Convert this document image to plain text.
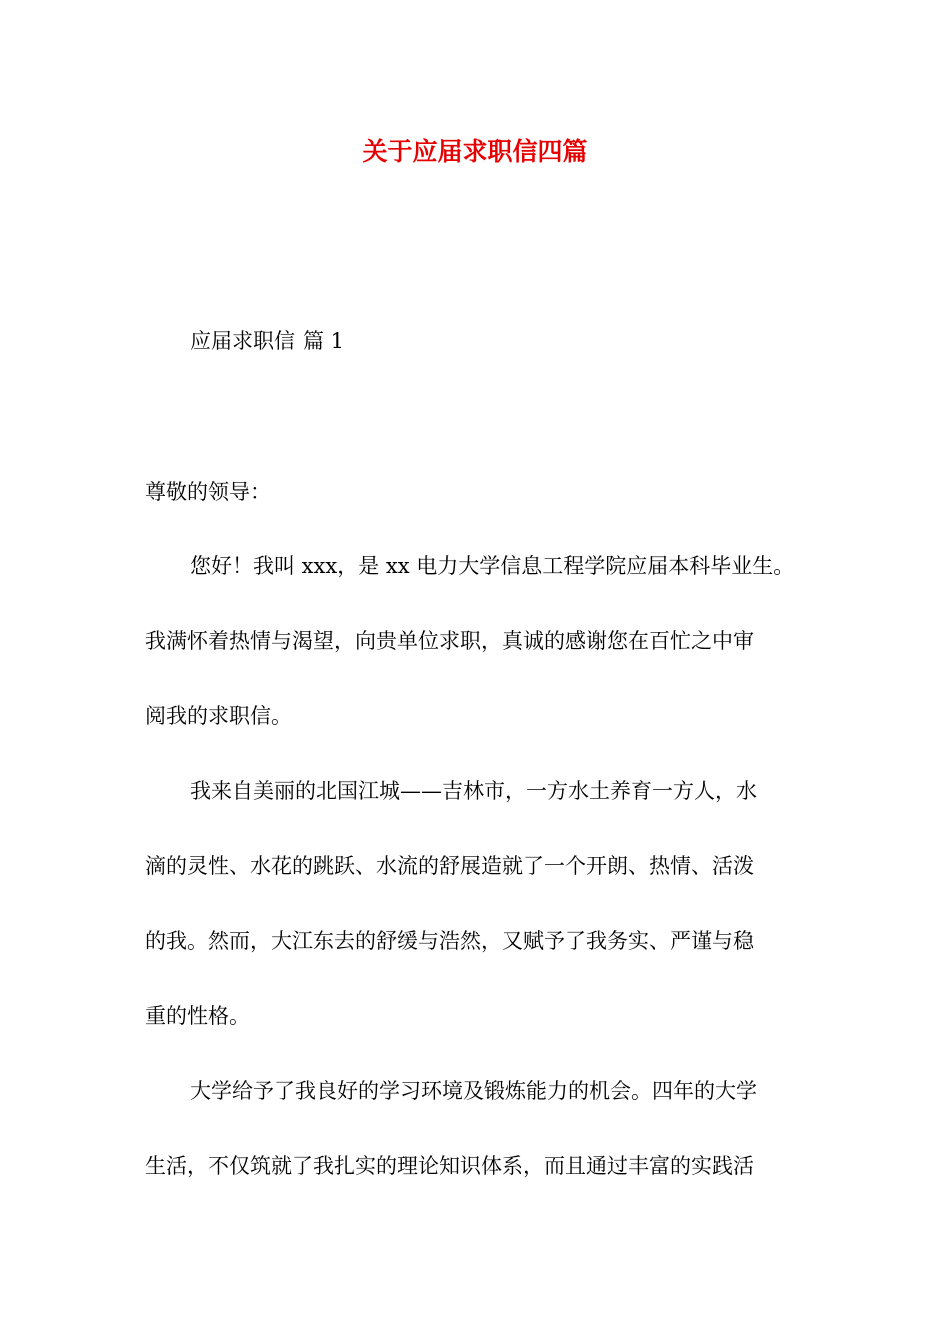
关于应届求职信四篇
应届求职信 篇 1
尊敬的领导：
您好！我叫 xxx，是 xx 电力大学信息工程学院应届本科毕业生。
我满怀着热情与渴望，向贵单位求职，真诚的感谢您在百忙之中审
阅我的求职信。
我来自美丽的北国江城——吉林市，一方水土养育一方人，水
滴的灵性、水花的跳跃、水流的舒展造就了一个开朗、热情、活泼
的我。然而，大江东去的舒缓与浩然，又赋予了我务实、严谨与稳
重的性格。
大学给予了我良好的学习环境及锻炼能力的机会。四年的大学
生活，不仅筑就了我扎实的理论知识体系，而且通过丰富的实践活
